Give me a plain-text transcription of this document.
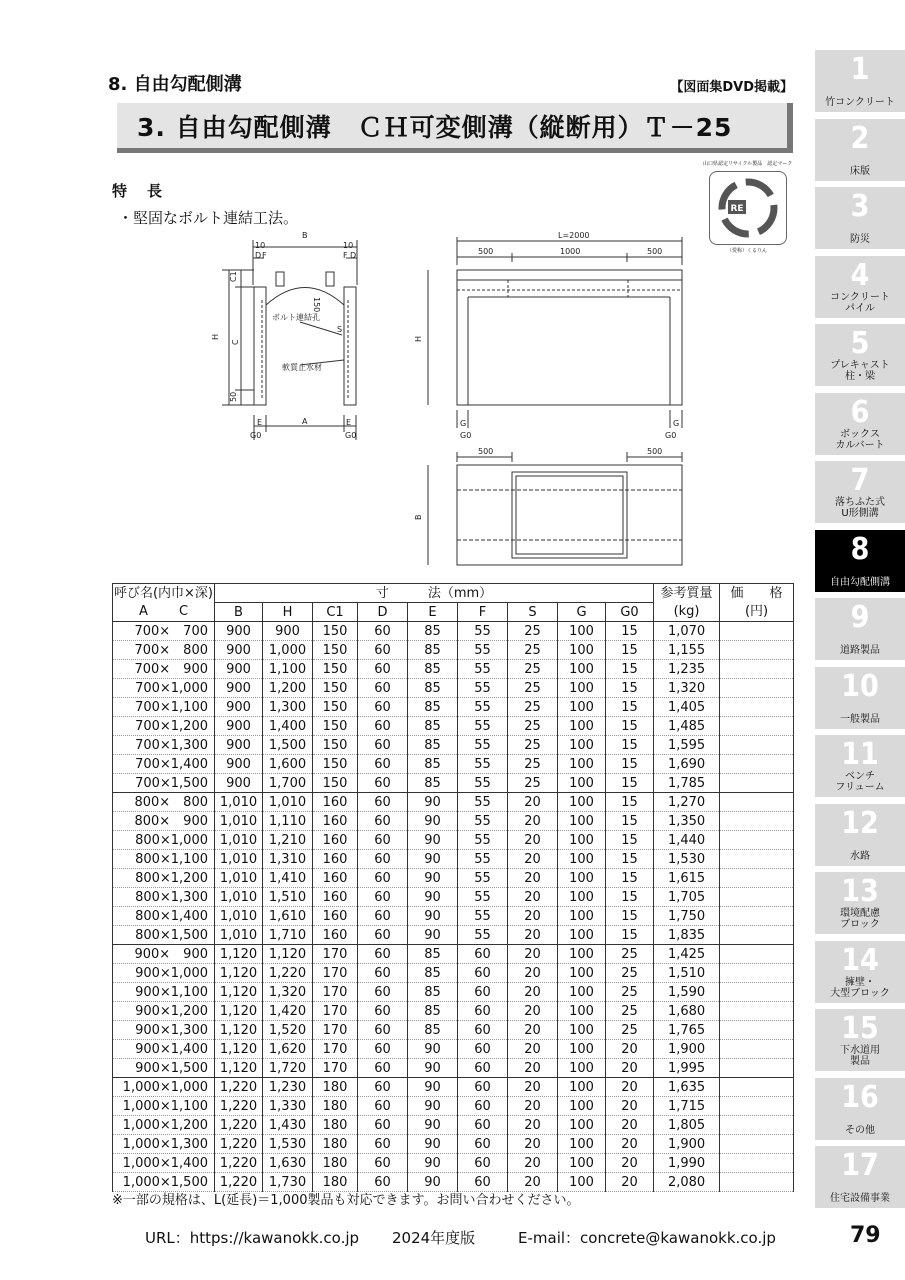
8. 自由勾配側溝	【図面集DVD掲載】
3. 自由勾配側溝　ＣＨ可変側溝（縦断用）Ｔ－25
特長
・堅固なボルト連結工法。
山口県認定リサイクル製品　認定マーク
RE
（愛称）くるりん
B
10	10
D F	F D
C1
H
C
50
150
ボルト連結孔
S
軟質止水材
E	E
G0
A
G0
L=2000
500	1000	500
H
G
G0
G
G0
500	500
B
呼び名(内巾×深)	寸　　　法（mm）									参考質量	価　　格
A C	B	H	C1	D	E	F	S	G	G0	(kg)	(円)
700×　700	900	900	150	60	85	55	25	100	15	1,070	
700×　800	900	1,000	150	60	85	55	25	100	15	1,155	
700×　900	900	1,100	150	60	85	55	25	100	15	1,235	
700×1,000	900	1,200	150	60	85	55	25	100	15	1,320	
700×1,100	900	1,300	150	60	85	55	25	100	15	1,405	
700×1,200	900	1,400	150	60	85	55	25	100	15	1,485	
700×1,300	900	1,500	150	60	85	55	25	100	15	1,595	
700×1,400	900	1,600	150	60	85	55	25	100	15	1,690	
700×1,500	900	1,700	150	60	85	55	25	100	15	1,785	
800×　800	1,010	1,010	160	60	90	55	20	100	15	1,270	
800×　900	1,010	1,110	160	60	90	55	20	100	15	1,350	
800×1,000	1,010	1,210	160	60	90	55	20	100	15	1,440	
800×1,100	1,010	1,310	160	60	90	55	20	100	15	1,530	
800×1,200	1,010	1,410	160	60	90	55	20	100	15	1,615	
800×1,300	1,010	1,510	160	60	90	55	20	100	15	1,705	
800×1,400	1,010	1,610	160	60	90	55	20	100	15	1,750	
800×1,500	1,010	1,710	160	60	90	55	20	100	15	1,835	
900×　900	1,120	1,120	170	60	85	60	20	100	25	1,425	
900×1,000	1,120	1,220	170	60	85	60	20	100	25	1,510	
900×1,100	1,120	1,320	170	60	85	60	20	100	25	1,590	
900×1,200	1,120	1,420	170	60	85	60	20	100	25	1,680	
900×1,300	1,120	1,520	170	60	85	60	20	100	25	1,765	
900×1,400	1,120	1,620	170	60	90	60	20	100	20	1,900	
900×1,500	1,120	1,720	170	60	90	60	20	100	20	1,995	
1,000×1,000	1,220	1,230	180	60	90	60	20	100	20	1,635	
1,000×1,100	1,220	1,330	180	60	90	60	20	100	20	1,715	
1,000×1,200	1,220	1,430	180	60	90	60	20	100	20	1,805	
1,000×1,300	1,220	1,530	180	60	90	60	20	100	20	1,900	
1,000×1,400	1,220	1,630	180	60	90	60	20	100	20	1,990	
1,000×1,500	1,220	1,730	180	60	90	60	20	100	20	2,080	
※一部の規格は、L(延長)＝1,000製品も対応できます。お問い合わせください。
URL：https://kawanokk.co.jp 2024年度版	E-mail：concrete@kawanokk.co.jp	79
1
竹コンクリート
2
床版
3
防災
4
コンクリート
パイル
5
プレキャスト
柱・梁
6
ボックス
カルバート
7
落ちふた式
U形側溝
8
自由勾配側溝
9
道路製品
10
一般製品
11
ベンチ
フリューム
12
水路
13
環境配慮
ブロック
14
擁壁・
大型ブロック
15
下水道用
製品
16
その他
17
住宅設備事業
